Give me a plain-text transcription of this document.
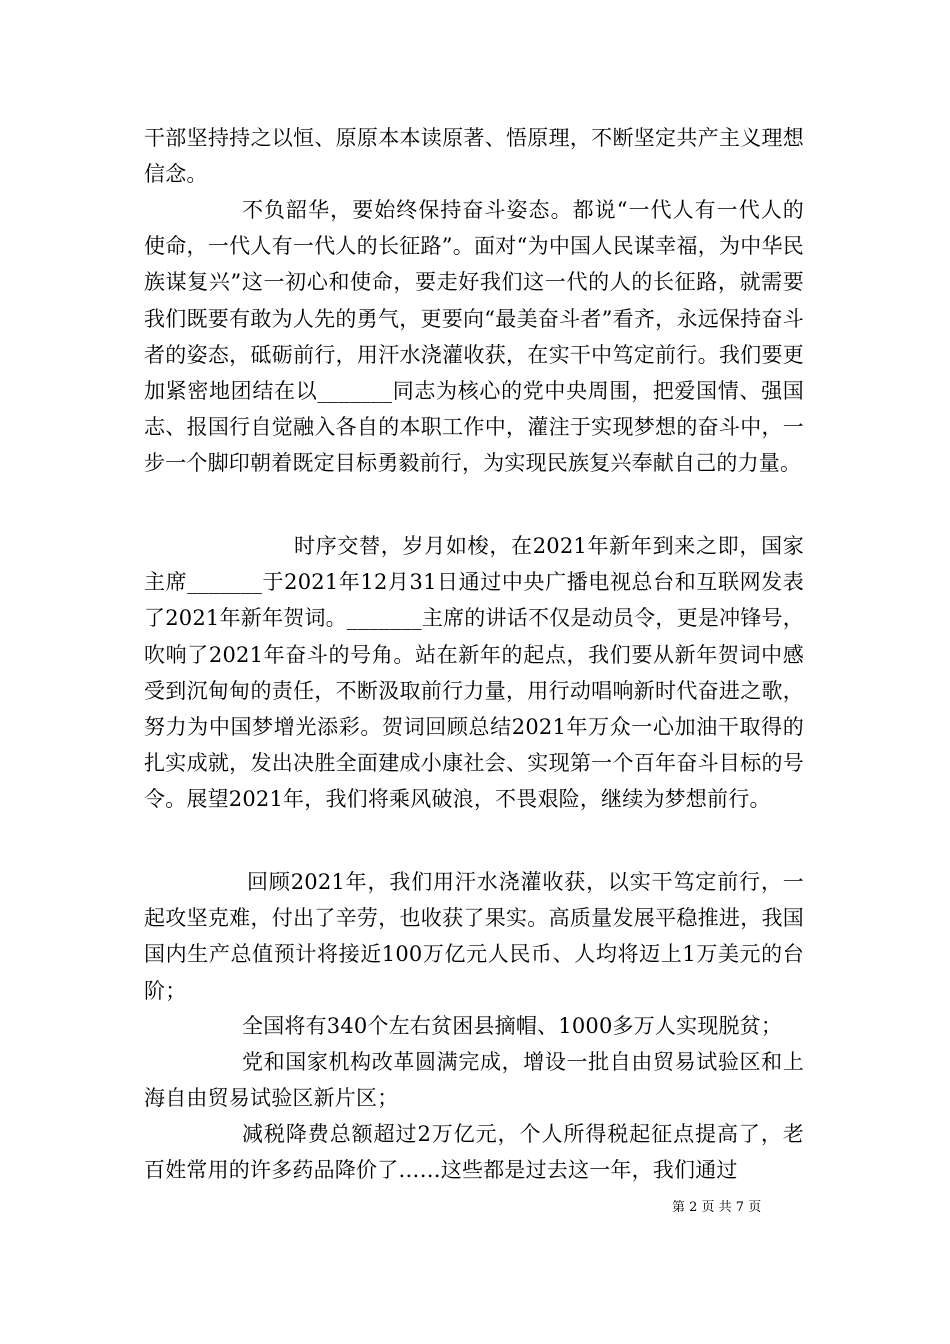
干部坚持持之以恒、原原本本读原著、悟原理，不断坚定共产主义理想信念。

不负韶华，要始终保持奋斗姿态。都说“一代人有一代人的使命，一代人有一代人的长征路”。面对“为中国人民谋幸福，为中华民族谋复兴”这一初心和使命，要走好我们这一代的人的长征路，就需要我们既要有敢为人先的勇气，更要向“最美奋斗者”看齐，永远保持奋斗者的姿态，砥砺前行，用汗水浇灌收获，在实干中笃定前行。我们要更加紧密地团结在以_______同志为核心的党中央周围，把爱国情、强国志、报国行自觉融入各自的本职工作中，灌注于实现梦想的奋斗中，一步一个脚印朝着既定目标勇毅前行，为实现民族复兴奉献自己的力量。

时序交替，岁月如梭，在2021年新年到来之即，国家主席_______于2021年12月31日通过中央广播电视总台和互联网发表了2021年新年贺词。_______主席的讲话不仅是动员令，更是冲锋号，吹响了2021年奋斗的号角。站在新年的起点，我们要从新年贺词中感受到沉甸甸的责任，不断汲取前行力量，用行动唱响新时代奋进之歌，努力为中国梦增光添彩。贺词回顾总结2021年万众一心加油干取得的扎实成就，发出决胜全面建成小康社会、实现第一个百年奋斗目标的号令。展望2021年，我们将乘风破浪，不畏艰险，继续为梦想前行。

回顾2021年，我们用汗水浇灌收获，以实干笃定前行，一起攻坚克难，付出了辛劳，也收获了果实。高质量发展平稳推进，我国国内生产总值预计将接近100万亿元人民币、人均将迈上1万美元的台阶；

全国将有340个左右贫困县摘帽、1000多万人实现脱贫；

党和国家机构改革圆满完成，增设一批自由贸易试验区和上海自由贸易试验区新片区；

减税降费总额超过2万亿元，个人所得税起征点提高了，老百姓常用的许多药品降价了……这些都是过去这一年，我们通过

第 2 页 共 7 页
